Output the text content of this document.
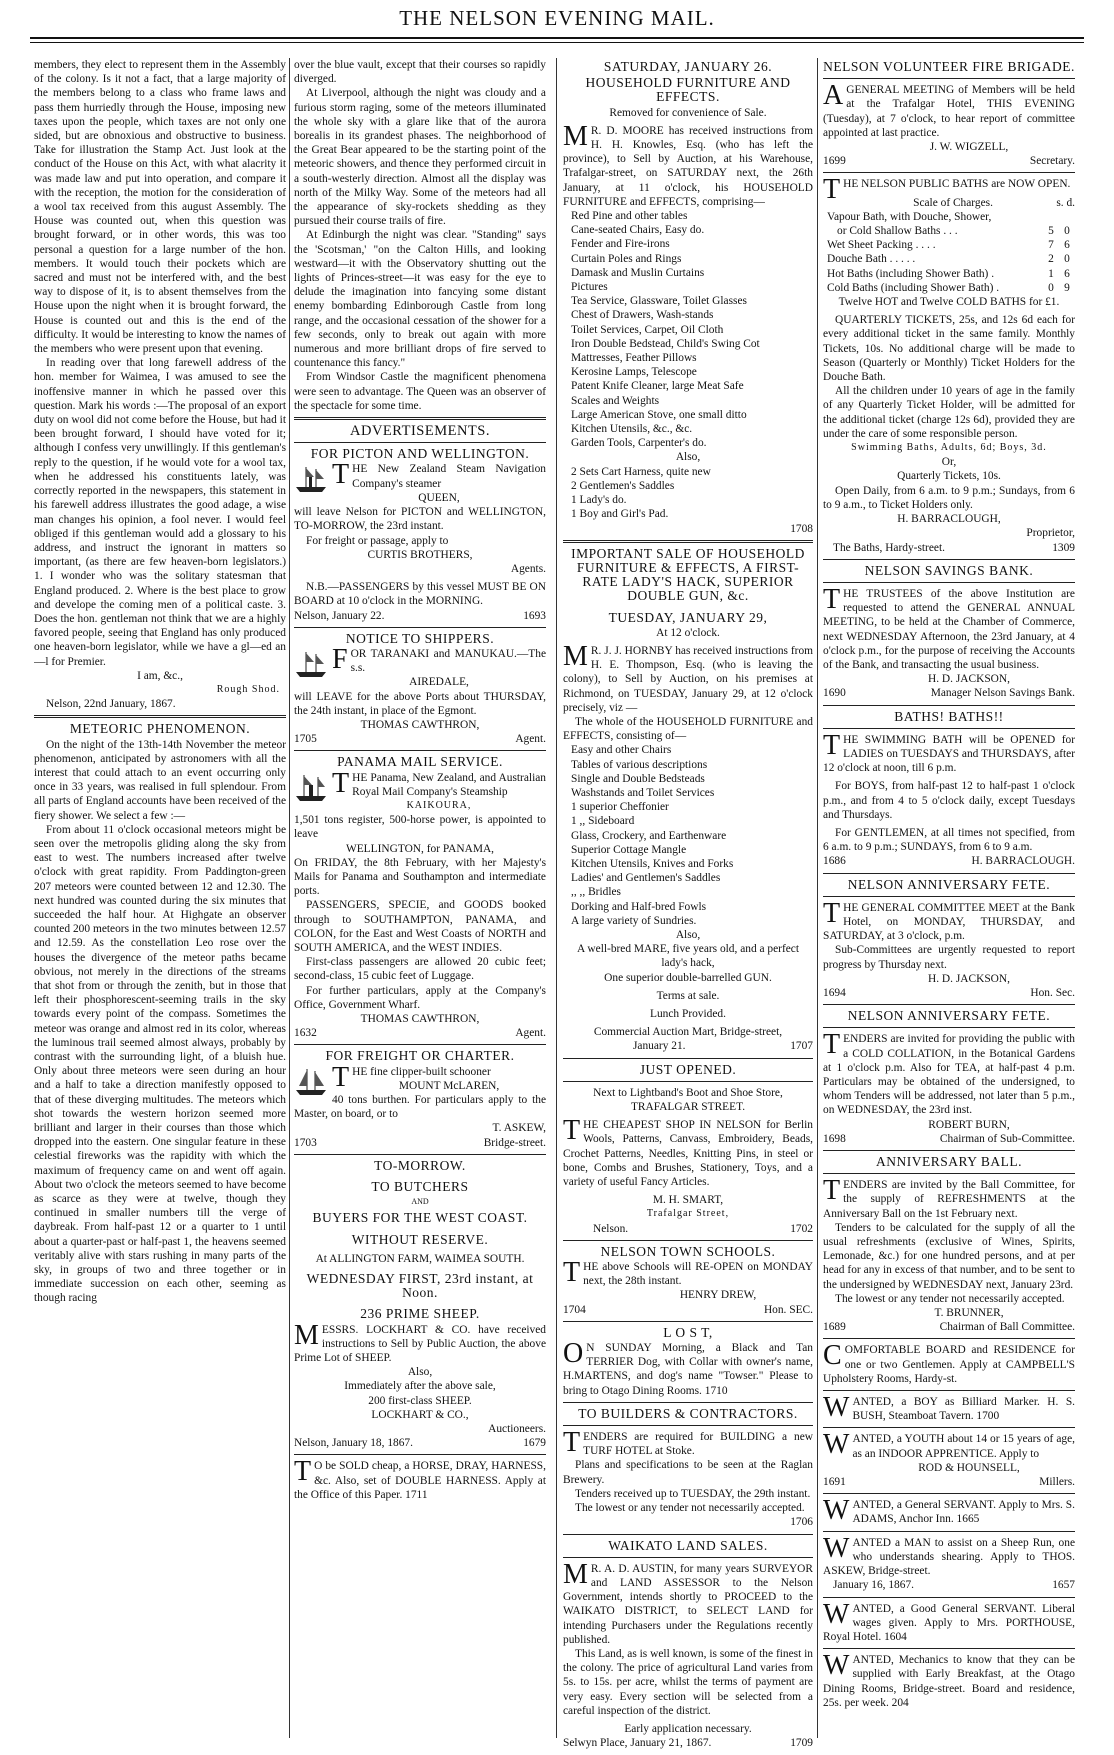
THE NELSON EVENING MAIL.

members, they elect to represent them in the Assembly of the colony. Is it not a fact, that a large majority of the members belong to a class who frame laws and pass them hurriedly through the House, imposing new taxes upon the people, which taxes are not only one sided, but are obnoxious and obstructive to business. Take for illustration the Stamp Act. Just look at the conduct of the House on this Act, with what alacrity it was made law and put into operation, and compare it with the reception, the motion for the consideration of a wool tax received from this august Assembly. The House was counted out, when this question was brought forward, or in other words, this was too personal a question for a large number of the hon. members. It would touch their pockets which are sacred and must not be interfered with, and the best way to dispose of it, is to absent themselves from the House upon the night when it is brought forward, the House is counted out and this is the end of the difficulty. It would be interesting to know the names of the members who were present upon that evening.

In reading over that long farewell address of the hon. member for Waimea, I was amused to see the inoffensive manner in which he passed over this question. Mark his words :—The proposal of an export duty on wool did not come before the House, but had it been brought forward, I should have voted for it; although I confess very unwillingly. If this gentleman's reply to the question, if he would vote for a wool tax, when he addressed his constituents lately, was correctly reported in the newspapers, this statement in his farewell address illustrates the good adage, a wise man changes his opinion, a fool never. I would feel obliged if this gentleman would add a glossary to his address, and instruct the ignorant in matters so important, (as there are few heaven-born legislators.) 1. I wonder who was the solitary statesman that England produced. 2. Where is the best place to grow and develope the coming men of a political caste. 3. Does the hon. gentleman not think that we are a highly favored people, seeing that England has only produced one heaven-born legislator, while we have a gl—ed an—l for Premier.

I am, &c.,

Rough Shod.

Nelson, 22nd January, 1867.

METEORIC PHENOMENON.

On the night of the 13th-14th November the meteor phenomenon, anticipated by astronomers with all the interest that could attach to an event occurring only once in 33 years, was realised in full splendour. From all parts of England accounts have been received of the fiery shower. We select a few :—

From about 11 o'clock occasional meteors might be seen over the metropolis gliding along the sky from east to west. The numbers increased after twelve o'clock with great rapidity. From Paddington-green 207 meteors were counted between 12 and 12.30. The next hundred was counted during the six minutes that succeeded the half hour. At Highgate an observer counted 200 meteors in the two minutes between 12.57 and 12.59. As the constellation Leo rose over the houses the divergence of the meteor paths became obvious, not merely in the directions of the streams that shot from or through the zenith, but in those that left their phosphorescent-seeming trails in the sky towards every point of the compass. Sometimes the meteor was orange and almost red in its color, whereas the luminous trail seemed almost always, probably by contrast with the surrounding light, of a bluish hue. Only about three meteors were seen during an hour and a half to take a direction manifestly opposed to that of these diverging multitudes. The meteors which shot towards the western horizon seemed more brilliant and larger in their courses than those which dropped into the eastern. One singular feature in these celestial fireworks was the rapidity with which the maximum of frequency came on and went off again. About two o'clock the meteors seemed to have become as scarce as they were at twelve, though they continued in smaller numbers till the verge of daybreak. From half-past 12 or a quarter to 1 until about a quarter-past or half-past 1, the heavens seemed veritably alive with stars rushing in many parts of the sky, in groups of two and three together or in immediate succession on each other, seeming as though racing

over the blue vault, except that their courses so rapidly diverged.

At Liverpool, although the night was cloudy and a furious storm raging, some of the meteors illuminated the whole sky with a glare like that of the aurora borealis in its grandest phases. The neighborhood of the Great Bear appeared to be the starting point of the meteoric showers, and thence they performed circuit in a south-westerly direction. Almost all the display was north of the Milky Way. Some of the meteors had all the appearance of sky-rockets shedding as they pursued their course trails of fire.

At Edinburgh the night was clear. "Standing" says the 'Scotsman,' "on the Calton Hills, and looking westward—it with the Observatory shutting out the lights of Princes-street—it was easy for the eye to delude the imagination into fancying some distant enemy bombarding Edinborough Castle from long range, and the occasional cessation of the shower for a few seconds, only to break out again with more numerous and more brilliant drops of fire served to countenance this fancy."

From Windsor Castle the magnificent phenomena were seen to advantage. The Queen was an observer of the spectacle for some time.

ADVERTISEMENTS.
FOR PICTON AND WELLINGTON.

THE New Zealand Steam Navigation Company's steamer

QUEEN,

will leave Nelson for PICTON and WELLINGTON, TO-MORROW, the 23rd instant.

For freight or passage, apply to

CURTIS BROTHERS,

Agents.

N.B.—PASSENGERS by this vessel MUST BE ON BOARD at 10 o'clock in the MORNING.

Nelson, January 22.	1693
NOTICE TO SHIPPERS.

FOR TARANAKI and MANUKAU.—The s.s.

AIREDALE,

will LEAVE for the above Ports about THURSDAY, the 24th instant, in place of the Egmont.

THOMAS CAWTHRON,

1705	Agent.
PANAMA MAIL SERVICE.

THE Panama, New Zealand, and Australian Royal Mail Company's Steamship

KAIKOURA,

1,501 tons register, 500-horse power, is appointed to leave

WELLINGTON, for PANAMA,

On FRIDAY, the 8th February, with her Majesty's Mails for Panama and Southampton and intermediate ports.

PASSENGERS, SPECIE, and GOODS booked through to SOUTHAMPTON, PANAMA, and COLON, for the East and West Coasts of NORTH and SOUTH AMERICA, and the WEST INDIES.

First-class passengers are allowed 20 cubic feet; second-class, 15 cubic feet of Luggage.

For further particulars, apply at the Company's Office, Government Wharf.

THOMAS CAWTHRON,

1632	Agent.
FOR FREIGHT OR CHARTER.

THE fine clipper-built schooner

MOUNT McLAREN,

40 tons burthen. For particulars apply to the Master, on board, or to

T. ASKEW,

1703	Bridge-street.
TO-MORROW.
TO BUTCHERS

AND

BUYERS FOR THE WEST COAST.
WITHOUT RESERVE.

At ALLINGTON FARM, WAIMEA SOUTH.

WEDNESDAY FIRST, 23rd instant, at Noon.
236 PRIME SHEEP.

MESSRS. LOCKHART & CO. have received instructions to Sell by Public Auction, the above Prime Lot of SHEEP.

Also,

Immediately after the above sale,

200 first-class SHEEP.

LOCKHART & CO.,

Auctioneers.

Nelson, January 18, 1867.	1679

T O be SOLD cheap, a HORSE, DRAY, HARNESS, &c. Also, set of DOUBLE HARNESS. Apply at the Office of this Paper. 1711

SATURDAY, JANUARY 26.
HOUSEHOLD FURNITURE AND EFFECTS.

Removed for convenience of Sale.

M R. D. MOORE has received instructions from H. H. Knowles, Esq. (who has left the province), to Sell by Auction, at his Warehouse, Trafalgar-street, on SATURDAY next, the 26th January, at 11 o'clock, his HOUSEHOLD FURNITURE and EFFECTS, comprising—

Red Pine and other tables

Cane-seated Chairs, Easy do.

Fender and Fire-irons

Curtain Poles and Rings

Damask and Muslin Curtains

Pictures

Tea Service, Glassware, Toilet Glasses

Chest of Drawers, Wash-stands

Toilet Services, Carpet, Oil Cloth

Iron Double Bedstead, Child's Swing Cot

Mattresses, Feather Pillows

Kerosine Lamps, Telescope

Patent Knife Cleaner, large Meat Safe

Scales and Weights

Large American Stove, one small ditto

Kitchen Utensils, &c., &c.

Garden Tools, Carpenter's do.

Also,

2 Sets Cart Harness, quite new

2 Gentlemen's Saddles

1 Lady's do.

1 Boy and Girl's Pad.

1708

IMPORTANT SALE OF HOUSEHOLD FURNITURE & EFFECTS, A FIRST-RATE LADY'S HACK, SUPERIOR DOUBLE GUN, &c.
TUESDAY, JANUARY 29,

At 12 o'clock.

M R. J. J. HORNBY has received instructions from H. E. Thompson, Esq. (who is leaving the colony), to Sell by Auction, on his premises at Richmond, on TUESDAY, January 29, at 12 o'clock precisely, viz —

The whole of the HOUSEHOLD FURNITURE and EFFECTS, consisting of—

Easy and other Chairs

Tables of various descriptions

Single and Double Bedsteads

Washstands and Toilet Services

1 superior Cheffonier

1 ,, Sideboard

Glass, Crockery, and Earthenware

Superior Cottage Mangle

Kitchen Utensils, Knives and Forks

Ladies' and Gentlemen's Saddles

,, ,, Bridles

Dorking and Half-bred Fowls

A large variety of Sundries.

Also,

A well-bred MARE, five years old, and a perfect lady's hack,

One superior double-barrelled GUN.

Terms at sale.

Lunch Provided.

Commercial Auction Mart, Bridge-street,

January 21.	1707
JUST OPENED.

Next to Lightband's Boot and Shoe Store,

TRAFALGAR STREET.

THE CHEAPEST SHOP IN NELSON for Berlin Wools, Patterns, Canvass, Embroidery, Beads, Crochet Patterns, Needles, Knitting Pins, in steel or bone, Combs and Brushes, Stationery, Toys, and a variety of useful Fancy Articles.

M. H. SMART,

Trafalgar Street,

Nelson.	1702
NELSON TOWN SCHOOLS.

THE above Schools will RE-OPEN on MONDAY next, the 28th instant.

HENRY DREW,

1704	Hon. SEC.
L O S T,

O N SUNDAY Morning, a Black and Tan TERRIER Dog, with Collar with owner's name, H.MARTENS, and dog's name "Towser." Please to bring to Otago Dining Rooms. 1710

TO BUILDERS & CONTRACTORS.

TENDERS are required for BUILDING a new TURF HOTEL at Stoke.

Plans and specifications to be seen at the Raglan Brewery.

Tenders received up to TUESDAY, the 29th instant.

The lowest or any tender not necessarily accepted.

1706

WAIKATO LAND SALES.

M R. A. D. AUSTIN, for many years SURVEYOR and LAND ASSESSOR to the Nelson Government, intends shortly to PROCEED to the WAIKATO DISTRICT, to SELECT LAND for intending Purchasers under the Regulations recently published.

This Land, as is well known, is some of the finest in the colony. The price of agricultural Land varies from 5s. to 15s. per acre, whilst the terms of payment are very easy. Every section will be selected from a careful inspection of the district.

Early application necessary.

Selwyn Place, January 21, 1867.	1709
NELSON VOLUNTEER FIRE BRIGADE.

AGENERAL MEETING of Members will be held at the Trafalgar Hotel, THIS EVENING (Tuesday), at 7 o'clock, to hear report of committee appointed at last practice.

J. W. WIGZELL,

1699	Secretary.

THE NELSON PUBLIC BATHS are NOW OPEN.

Scale of Charges.	s. d.
Vapour Bath, with Douche, Shower,
or Cold Shallow Baths . . .	5 0
Wet Sheet Packing . . . .	7 6
Douche Bath . . . . .	2 0
Hot Baths (including Shower Bath) .	1 6
Cold Baths (including Shower Bath) .	0 9

Twelve HOT and Twelve COLD BATHS for £1.

QUARTERLY TICKETS, 25s, and 12s 6d each for every additional ticket in the same family. Monthly Tickets, 10s. No additional charge will be made to Season (Quarterly or Monthly) Ticket Holders for the Douche Bath.

All the children under 10 years of age in the family of any Quarterly Ticket Holder, will be admitted for the additional ticket (charge 12s 6d), provided they are under the care of some responsible person.

Swimming Baths, Adults, 6d; Boys, 3d.

Or,

Quarterly Tickets, 10s.

Open Daily, from 6 a.m. to 9 p.m.; Sundays, from 6 to 9 a.m., to Ticket Holders only.

H. BARRACLOUGH,

Proprietor,

The Baths, Hardy-street.	1309
NELSON SAVINGS BANK.

THE TRUSTEES of the above Institution are requested to attend the GENERAL ANNUAL MEETING, to be held at the Chamber of Commerce, next WEDNESDAY Afternoon, the 23rd January, at 4 o'clock p.m., for the purpose of receiving the Accounts of the Bank, and transacting the usual business.

H. D. JACKSON,

1690	Manager Nelson Savings Bank.
BATHS! BATHS!!

THE SWIMMING BATH will be OPENED for LADIES on TUESDAYS and THURSDAYS, after 12 o'clock at noon, till 6 p.m.

For BOYS, from half-past 12 to half-past 1 o'clock p.m., and from 4 to 5 o'clock daily, except Tuesdays and Thursdays.

For GENTLEMEN, at all times not specified, from 6 a.m. to 9 p.m.; SUNDAYS, from 6 to 9 a.m.

1686	H. BARRACLOUGH.
NELSON ANNIVERSARY FETE.

THE GENERAL COMMITTEE MEET at the Bank Hotel, on MONDAY, THURSDAY, and SATURDAY, at 3 o'clock, p.m.

Sub-Committees are urgently requested to report progress by Thursday next.

H. D. JACKSON,

1694	Hon. Sec.
NELSON ANNIVERSARY FETE.

TENDERS are invited for providing the public with a COLD COLLATION, in the Botanical Gardens at 1 o'clock p.m. Also for TEA, at half-past 4 p.m. Particulars may be obtained of the undersigned, to whom Tenders will be addressed, not later than 5 p.m., on WEDNESDAY, the 23rd inst.

ROBERT BURN,

1698	Chairman of Sub-Committee.
ANNIVERSARY BALL.

TENDERS are invited by the Ball Committee, for the supply of REFRESHMENTS at the Anniversary Ball on the 1st February next.

Tenders to be calculated for the supply of all the usual refreshments (exclusive of Wines, Spirits, Lemonade, &c.) for one hundred persons, and at per head for any in excess of that number, and to be sent to the undersigned by WEDNESDAY next, January 23rd.

The lowest or any tender not necessarily accepted.

T. BRUNNER,

1689	Chairman of Ball Committee.

COMFORTABLE BOARD and RESIDENCE for one or two Gentlemen. Apply at CAMPBELL'S Upholstery Rooms, Hardy-st.

WANTED, a BOY as Billiard Marker. H. S. BUSH, Steamboat Tavern. 1700

WANTED, a YOUTH about 14 or 15 years of age, as an INDOOR APPRENTICE. Apply to

ROD & HOUNSELL,

1691	Millers.

WANTED, a General SERVANT. Apply to Mrs. S. ADAMS, Anchor Inn. 1665

WANTED a MAN to assist on a Sheep Run, one who understands shearing. Apply to THOS. ASKEW, Bridge-street.

January 16, 1867.	1657

WANTED, a Good General SERVANT. Liberal wages given. Apply to Mrs. PORTHOUSE, Royal Hotel. 1604

WANTED, Mechanics to know that they can be supplied with Early Breakfast, at the Otago Dining Rooms, Bridge-street. Board and residence, 25s. per week. 204
